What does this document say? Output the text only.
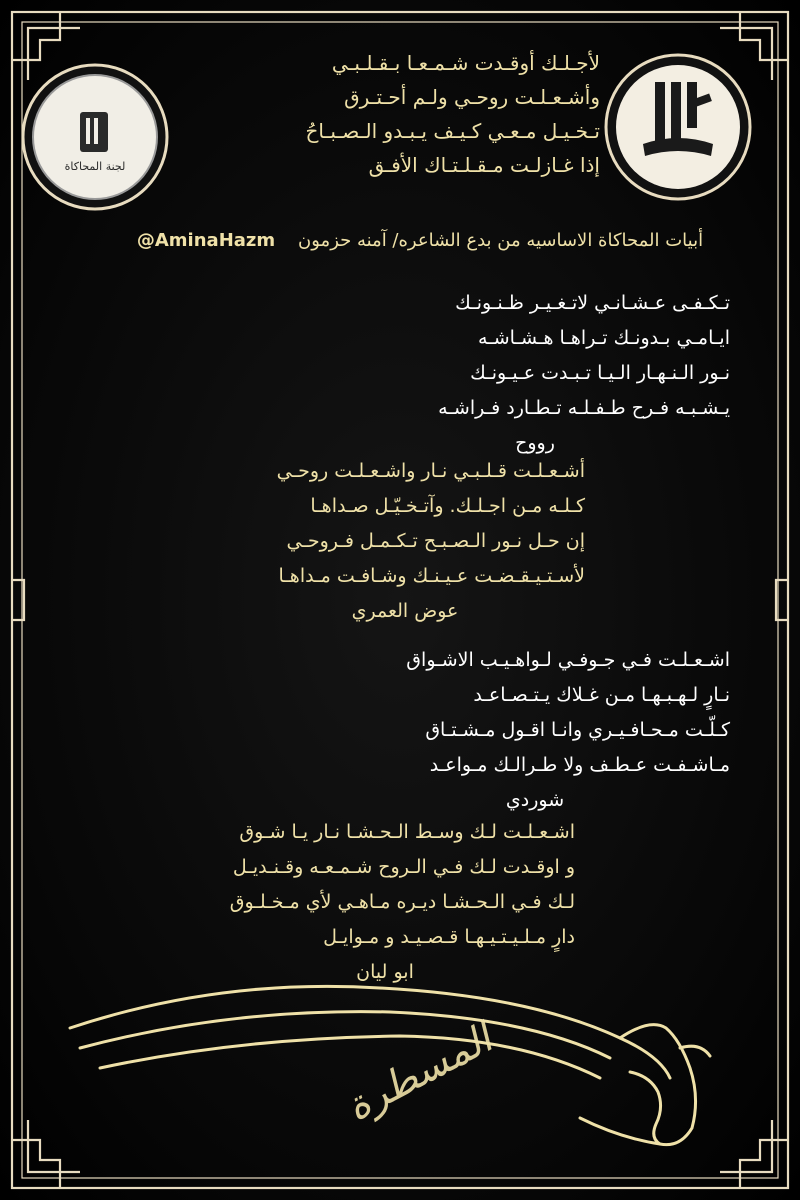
لجنة المحاكاة
لأجـلـك أوقـدت شـمـعـا بـقـلـبـي
وأشـعـلـت روحـي ولـم أحـتـرق
تـخـيـل مـعـي كـيـف يـبـدو الـصـبـاحُ
إذا غـازلـت مـقـلـتـاك الأفـق
أبيات المحاكاة الاساسيه من بدع الشاعره/ آمنه حزمون    @AminaHazm
تـكـفـى عـشـانـي لاتـغـيـر ظـنـونـك
ايـامـي بـدونـك تـراهـا هـشـاشـه
نـور الـنـهـار الـيـا تـبـدت عـيـونـك
يـشـبـه فـرح طـفـلـه تـطـارد فـراشـه
رووح
أشـعـلـت قـلـبـي نـار واشـعـلـت روحـي
كـلـه مـن اجـلـك. وآتـخـيّـل صـداهـا
إن حـل نـور الـصـبـح تـكـمـل فـروحـي
لأسـتـيـقـضـت عـيـنـك وشـافـت مـداهـا
عوض العمري
اشـعـلـت فـي جـوفـي لـواهـيـب الاشـواق
نـارٍ لـهـبـهـا مـن غـلاك يـتـصـاعـد
كـلّـت مـحـافـيـري وانـا اقـول مـشـتـاق
مـاشـفـت عـطـف ولا طـرالـك مـواعـد
شوردي
اشـعـلـت لـك وسـط الـحـشـا نـار يـا شـوق
و اوقـدت لـك فـي الـروح شـمـعـه وقـنـديـل
لـك فـي الـحـشـا ديـره مـاهـي لأي مـخـلـوق
دارٍ مـلـيـتـيـهـا قـصـيـد و مـوايـل
ابو ليان
المسطرة
